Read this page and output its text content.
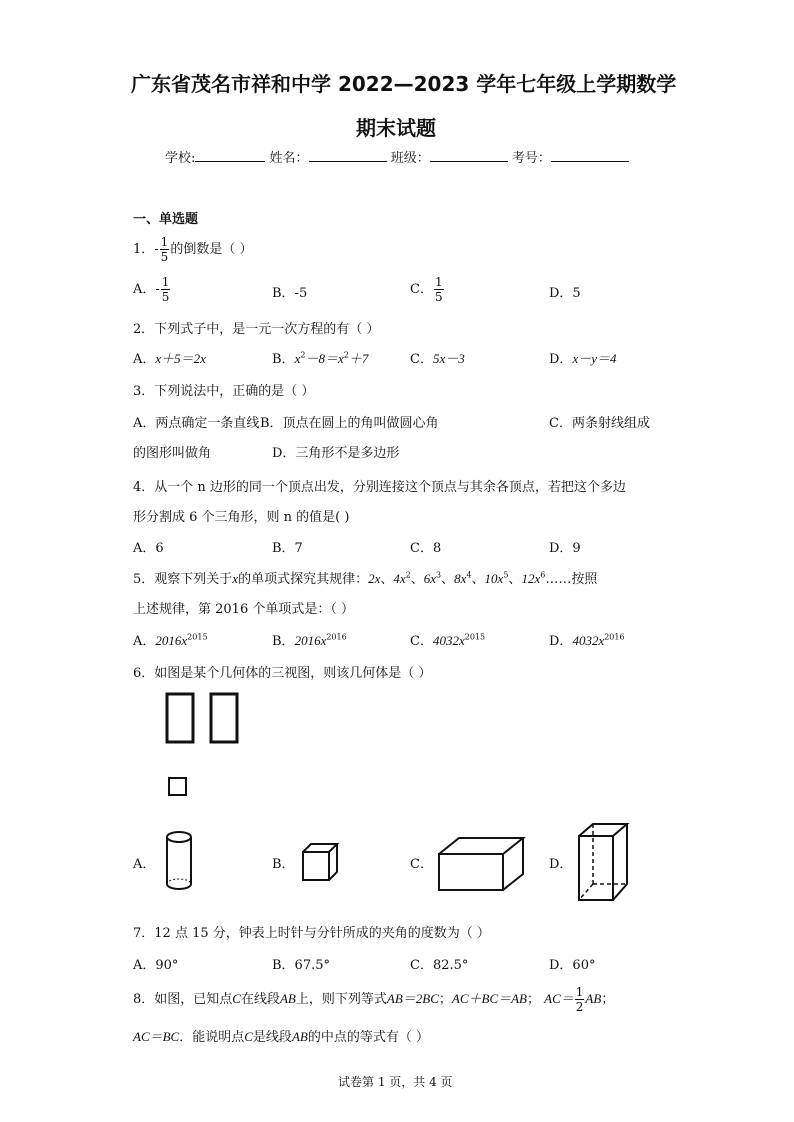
广东省茂名市祥和中学 2022—2023 学年七年级上学期数学
期末试题
学校:	姓名：	班级：	考号：
一、单选题
1．- $\frac{1}{5}$ 的倒数是（ ）
A．- $\frac{1}{5}$	B．-5	C． $\frac{1}{5}$	D．5
2．下列式子中，是一元一次方程的有（ ）
A．x＋5＝2x	B．$x^2-8=x^2+7$	C．5x－3	D．x－y＝4
3．下列说法中，正确的是（ ）
A．两点确定一条直线 B．顶点在圆上的角叫做圆心角	C．两条射线组成
的图形叫做角	D．三角形不是多边形
4．从一个 n 边形的同一个顶点出发，分别连接这个顶点与其余各顶点，若把这个多边
形分割成 6 个三角形，则 n 的值是( )
A．6	B．7	C．8	D．9
5．观察下列关于x的单项式探究其规律：2x、$4x^2$、$6x^3$、$8x^4$、$10x^5$、$12x^6\dots\dots$按照
上述规律，第 2016 个单项式是：（ ）
A．$2016x^{2015}$	B．$2016x^{2016}$	C．$4032x^{2015}$	D．$4032x^{2016}$
6．如图是某个几何体的三视图，则该几何体是（ ）
A．	B．	C．	D．
7．12 点 15 分，钟表上时针与分针所成的夹角的度数为（ ）
A．90°	B．67.5°	C．82.5°	D．60°
8．如图，已知点C在线段AB上，则下列等式AB＝2BC；AC＋BC＝AB； $AC= \frac{1}{2}$ AB；
AC＝BC．能说明点C是线段AB的中点的等式有（ ）
试卷第 1 页，共 4 页
